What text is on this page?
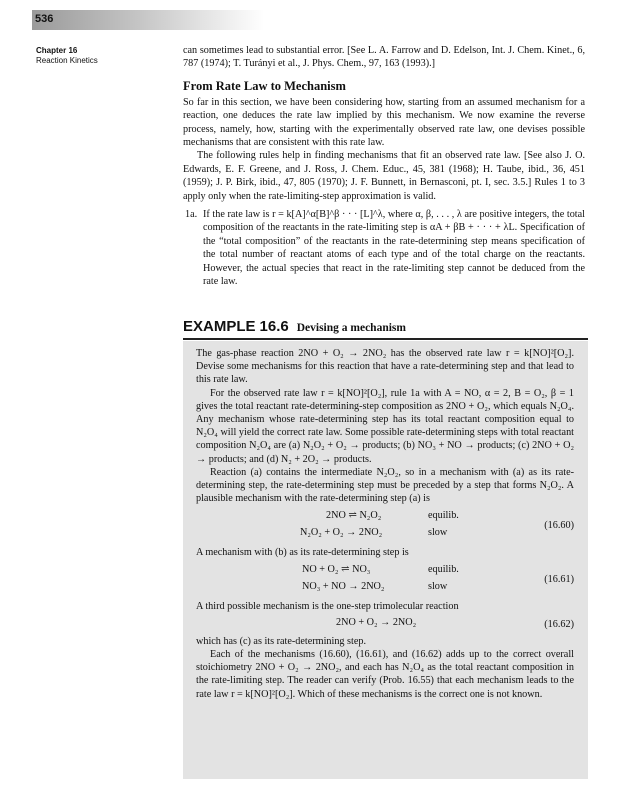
536
Chapter 16
Reaction Kinetics

can sometimes lead to substantial error. [See L. A. Farrow and D. Edelson, Int. J. Chem. Kinet., 6, 787 (1974); T. Turányi et al., J. Phys. Chem., 97, 163 (1993).]

From Rate Law to Mechanism

So far in this section, we have been considering how, starting from an assumed mechanism for a reaction, one deduces the rate law implied by this mechanism. We now examine the reverse process, namely, how, starting with the experimentally observed rate law, one devises possible mechanisms that are consistent with this rate law.

The following rules help in finding mechanisms that fit an observed rate law. [See also J. O. Edwards, E. F. Greene, and J. Ross, J. Chem. Educ., 45, 381 (1968); H. Taube, ibid., 36, 451 (1959); J. P. Birk, ibid., 47, 805 (1970); J. F. Bunnett, in Bernasconi, pt. I, sec. 3.5.] Rules 1 to 3 apply only when the rate-limiting-step approximation is valid.

1a. If the rate law is r = k[A]^α[B]^β · · · [L]^λ, where α, β, . . . , λ are positive integers, the total composition of the reactants in the rate-limiting step is αA + βB + · · · + λL. Specification of the “total composition” of the reactants in the rate-determining step means specification of the total number of reactant atoms of each type and of the total charge on the reactants. However, the actual species that react in the rate-limiting step cannot be deduced from the rate law.

EXAMPLE 16.6 Devising a mechanism

The gas-phase reaction 2NO + O₂ → 2NO₂ has the observed rate law r = k[NO]²[O₂]. Devise some mechanisms for this reaction that have a rate-determining step and that lead to this rate law.

For the observed rate law r = k[NO]²[O₂], rule 1a with A = NO, α = 2, B = O₂, β = 1 gives the total reactant rate-determining-step composition as 2NO + O₂, which equals N₂O₄. Any mechanism whose rate-determining step has its total reactant composition equal to N₂O₄ will yield the correct rate law. Some possible rate-determining steps with total reactant composition N₂O₄ are (a) N₂O₂ + O₂ → products; (b) NO₃ + NO → products; (c) 2NO + O₂ → products; and (d) N₂ + 2O₂ → products.

Reaction (a) contains the intermediate N₂O₂, so in a mechanism with (a) as its rate-determining step, the rate-determining step must be preceded by a step that forms N₂O₂. A plausible mechanism with the rate-determining step (a) is

2NO ⇌ N₂O₂	equilib.
N₂O₂ + O₂ → 2NO₂	slow
(16.60)

A mechanism with (b) as its rate-determining step is

NO + O₂ ⇌ NO₃	equilib.
NO₃ + NO → 2NO₂	slow
(16.61)

A third possible mechanism is the one-step trimolecular reaction

2NO + O₂ → 2NO₂	(16.62)

which has (c) as its rate-determining step.

Each of the mechanisms (16.60), (16.61), and (16.62) adds up to the correct overall stoichiometry 2NO + O₂ → 2NO₂, and each has N₂O₄ as the total reactant composition in the rate-limiting step. The reader can verify (Prob. 16.55) that each mechanism leads to the rate law r = k[NO]²[O₂]. Which of these mechanisms is the correct one is not known.
